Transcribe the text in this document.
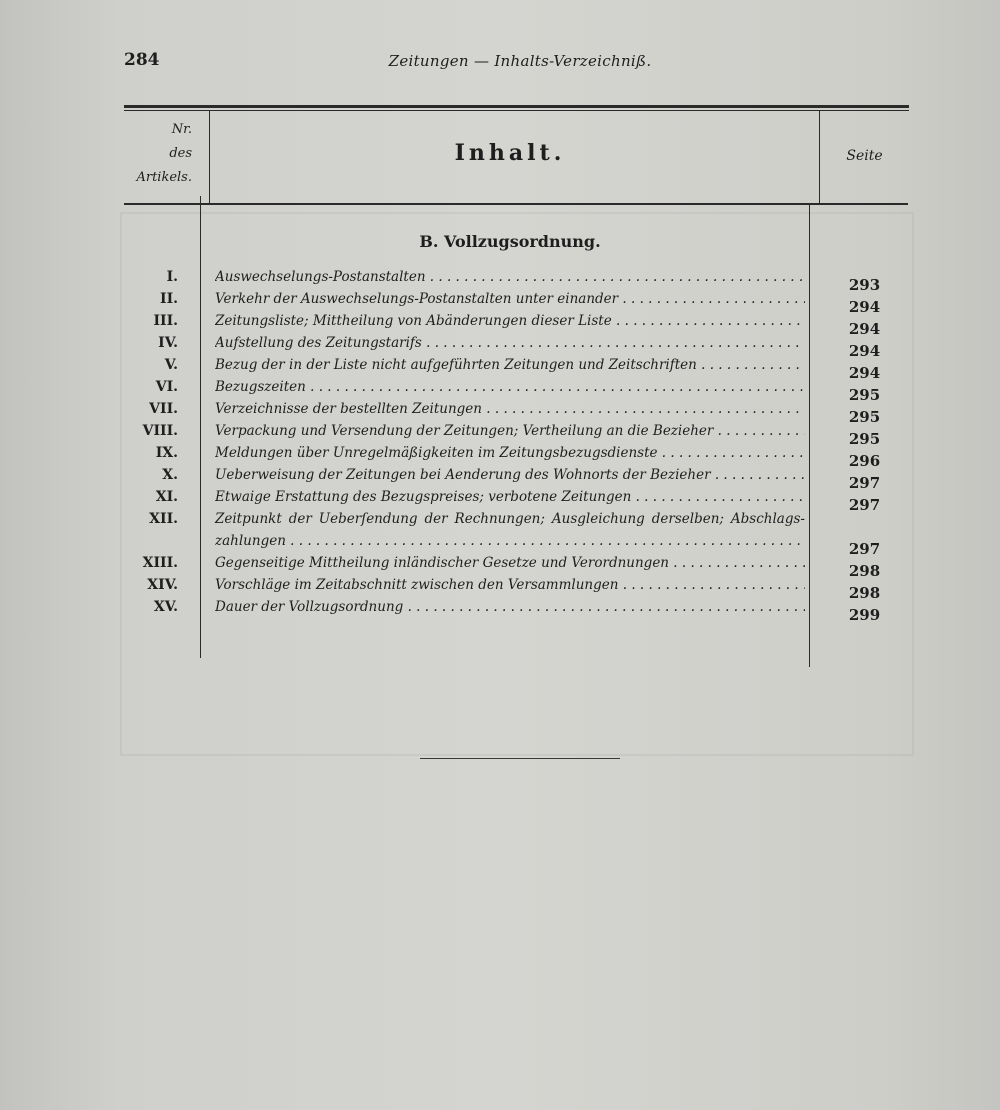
284	Zeitungen — Inhalts-Verzeichniß.
Nr.
des
Artikels.
Inhalt.	Seite
B. Vollzugsordnung.
I.	Auswechselungs-Postanstalten . . .	293
II.	Verkehr der Auswechselungs-Postanstalten unter einander . . .	294
III.	Zeitungsliste; Mittheilung von Abänderungen dieser Liste . . .	294
IV.	Aufstellung des Zeitungstarifs . . .	294
V.	Bezug der in der Liste nicht aufgeführten Zeitungen und Zeitschriften . . .	294
VI.	Bezugszeiten . . .	295
VII.	Verzeichnisse der bestellten Zeitungen . . .	295
VIII.	Verpackung und Versendung der Zeitungen; Vertheilung an die Bezieher . . .	295
IX.	Meldungen über Unregelmäßigkeiten im Zeitungsbezugsdienste . . .	296
X.	Ueberweisung der Zeitungen bei Aenderung des Wohnorts der Bezieher . . .	297
XI.	Etwaige Erstattung des Bezugspreises; verbotene Zeitungen . . .	297
XII.	Zeitpunkt der Ueberſendung der Rechnungen; Ausgleichung derselben; Abschlags-
zahlungen . . .	297
XIII.	Gegenseitige Mittheilung inländischer Gesetze und Verordnungen . . .	298
XIV.	Vorschläge im Zeitabschnitt zwischen den Versammlungen . . .	298
XV.	Dauer der Vollzugsordnung . . .	299
